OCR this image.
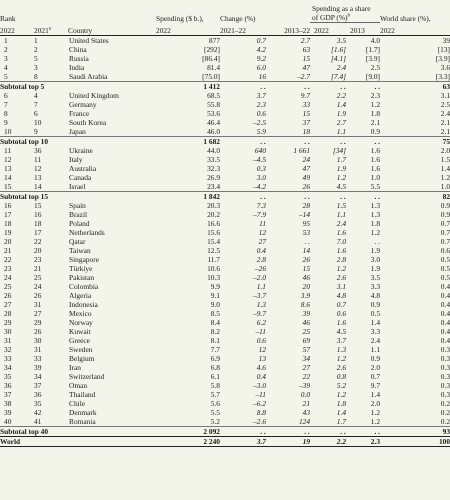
Rank			Spending ($ b.),	Change (%)		Spending as a share
of GDP (%)$^b$		World share (%),
2022	2021$^a$	Country	2022	2021–22	2013–22	2022	2013	2022
1	1	United States	877	0.7	2.7	3.5	4.0	39
2	2	China	[292]	4.2	63	[1.6]	[1.7]	[13]
3	5	Russia	[86.4]	9.2	15	[4.1]	[3.9]	[3.9]
4	3	India	81.4	6.0	47	2.4	2.5	3.6
5	8	Saudi Arabia	[75.0]	16	–2.7	[7.4]	[9.0]	[3.3]
Subtotal top 5			1 412	. .	. .	. .	. .	63
6	4	United Kingdom	68.5	3.7	9.7	2.2	2.3	3.1
7	7	Germany	55.8	2.3	33	1.4	1.2	2.5
8	6	France	53.6	0.6	15	1.9	1.8	2.4
9	10	South Korea	46.4	–2.5	37	2.7	2.1	2.1
10	9	Japan	46.0	5.9	18	1.1	0.9	2.1
Subtotal top 10			1 682	. .	. .	. .	. .	75
11	36	Ukraine	44.0	640	1 661	[34]	1.6	2.0
12	11	Italy	33.5	–4.5	24	1.7	1.6	1.5
13	12	Australia	32.3	0.3	47	1.9	1.6	1.4
14	13	Canada	26.9	3.0	49	1.2	1.0	1.2
15	14	Israel	23.4	–4.2	26	4.5	5.5	1.0
Subtotal top 15			1 842	. .	. .	. .	. .	82
16	15	Spain	20.3	7.3	28	1.5	1.3	0.9
17	16	Brazil	20.2	–7.9	–14	1.1	1.3	0.9
18	18	Poland	16.6	11	95	2.4	1.8	0.7
19	17	Netherlands	15.6	12	53	1.6	1.2	0.7
20	22	Qatar	15.4	27	. .	7.0	. .	0.7
21	20	Taiwan	12.5	0.4	14	1.6	1.9	0.6
22	23	Singapore	11.7	2.8	26	2.8	3.0	0.5
23	21	Türkiye	10.6	–26	15	1.2	1.9	0.5
24	25	Pakistan	10.3	–2.0	46	2.6	3.5	0.5
25	24	Colombia	9.9	1.1	20	3.1	3.3	0.4
26	26	Algeria	9.1	–3.7	3.9	4.8	4.8	0.4
27	31	Indonesia	9.0	1.3	8.6	0.7	0.9	0.4
28	27	Mexico	8.5	–9.7	39	0.6	0.5	0.4
29	29	Norway	8.4	6.2	46	1.6	1.4	0.4
30	26	Kuwait	8.2	–11	25	4.5	3.3	0.4
31	30	Greece	8.1	0.6	69	3.7	2.4	0.4
32	31	Sweden	7.7	12	57	1.3	1.1	0.3
33	33	Belgium	6.9	13	34	1.2	0.9	0.3
34	39	Iran	6.8	4.6	27	2.6	2.0	0.3
35	34	Switzerland	6.1	0.4	22	0.8	0.7	0.3
36	37	Oman	5.8	–3.0	–39	5.2	9.7	0.3
37	36	Thailand	5.7	–11	0.0	1.2	1.4	0.3
38	35	Chile	5.6	–6.2	21	1.8	2.0	0.2
39	42	Denmark	5.5	8.8	43	1.4	1.2	0.2
40	41	Romania	5.2	–2.6	124	1.7	1.2	0.2
Subtotal top 40			2 092	. .	. .	. .	. .	93
World			2 240	3.7	19	2.2	2.3	100
